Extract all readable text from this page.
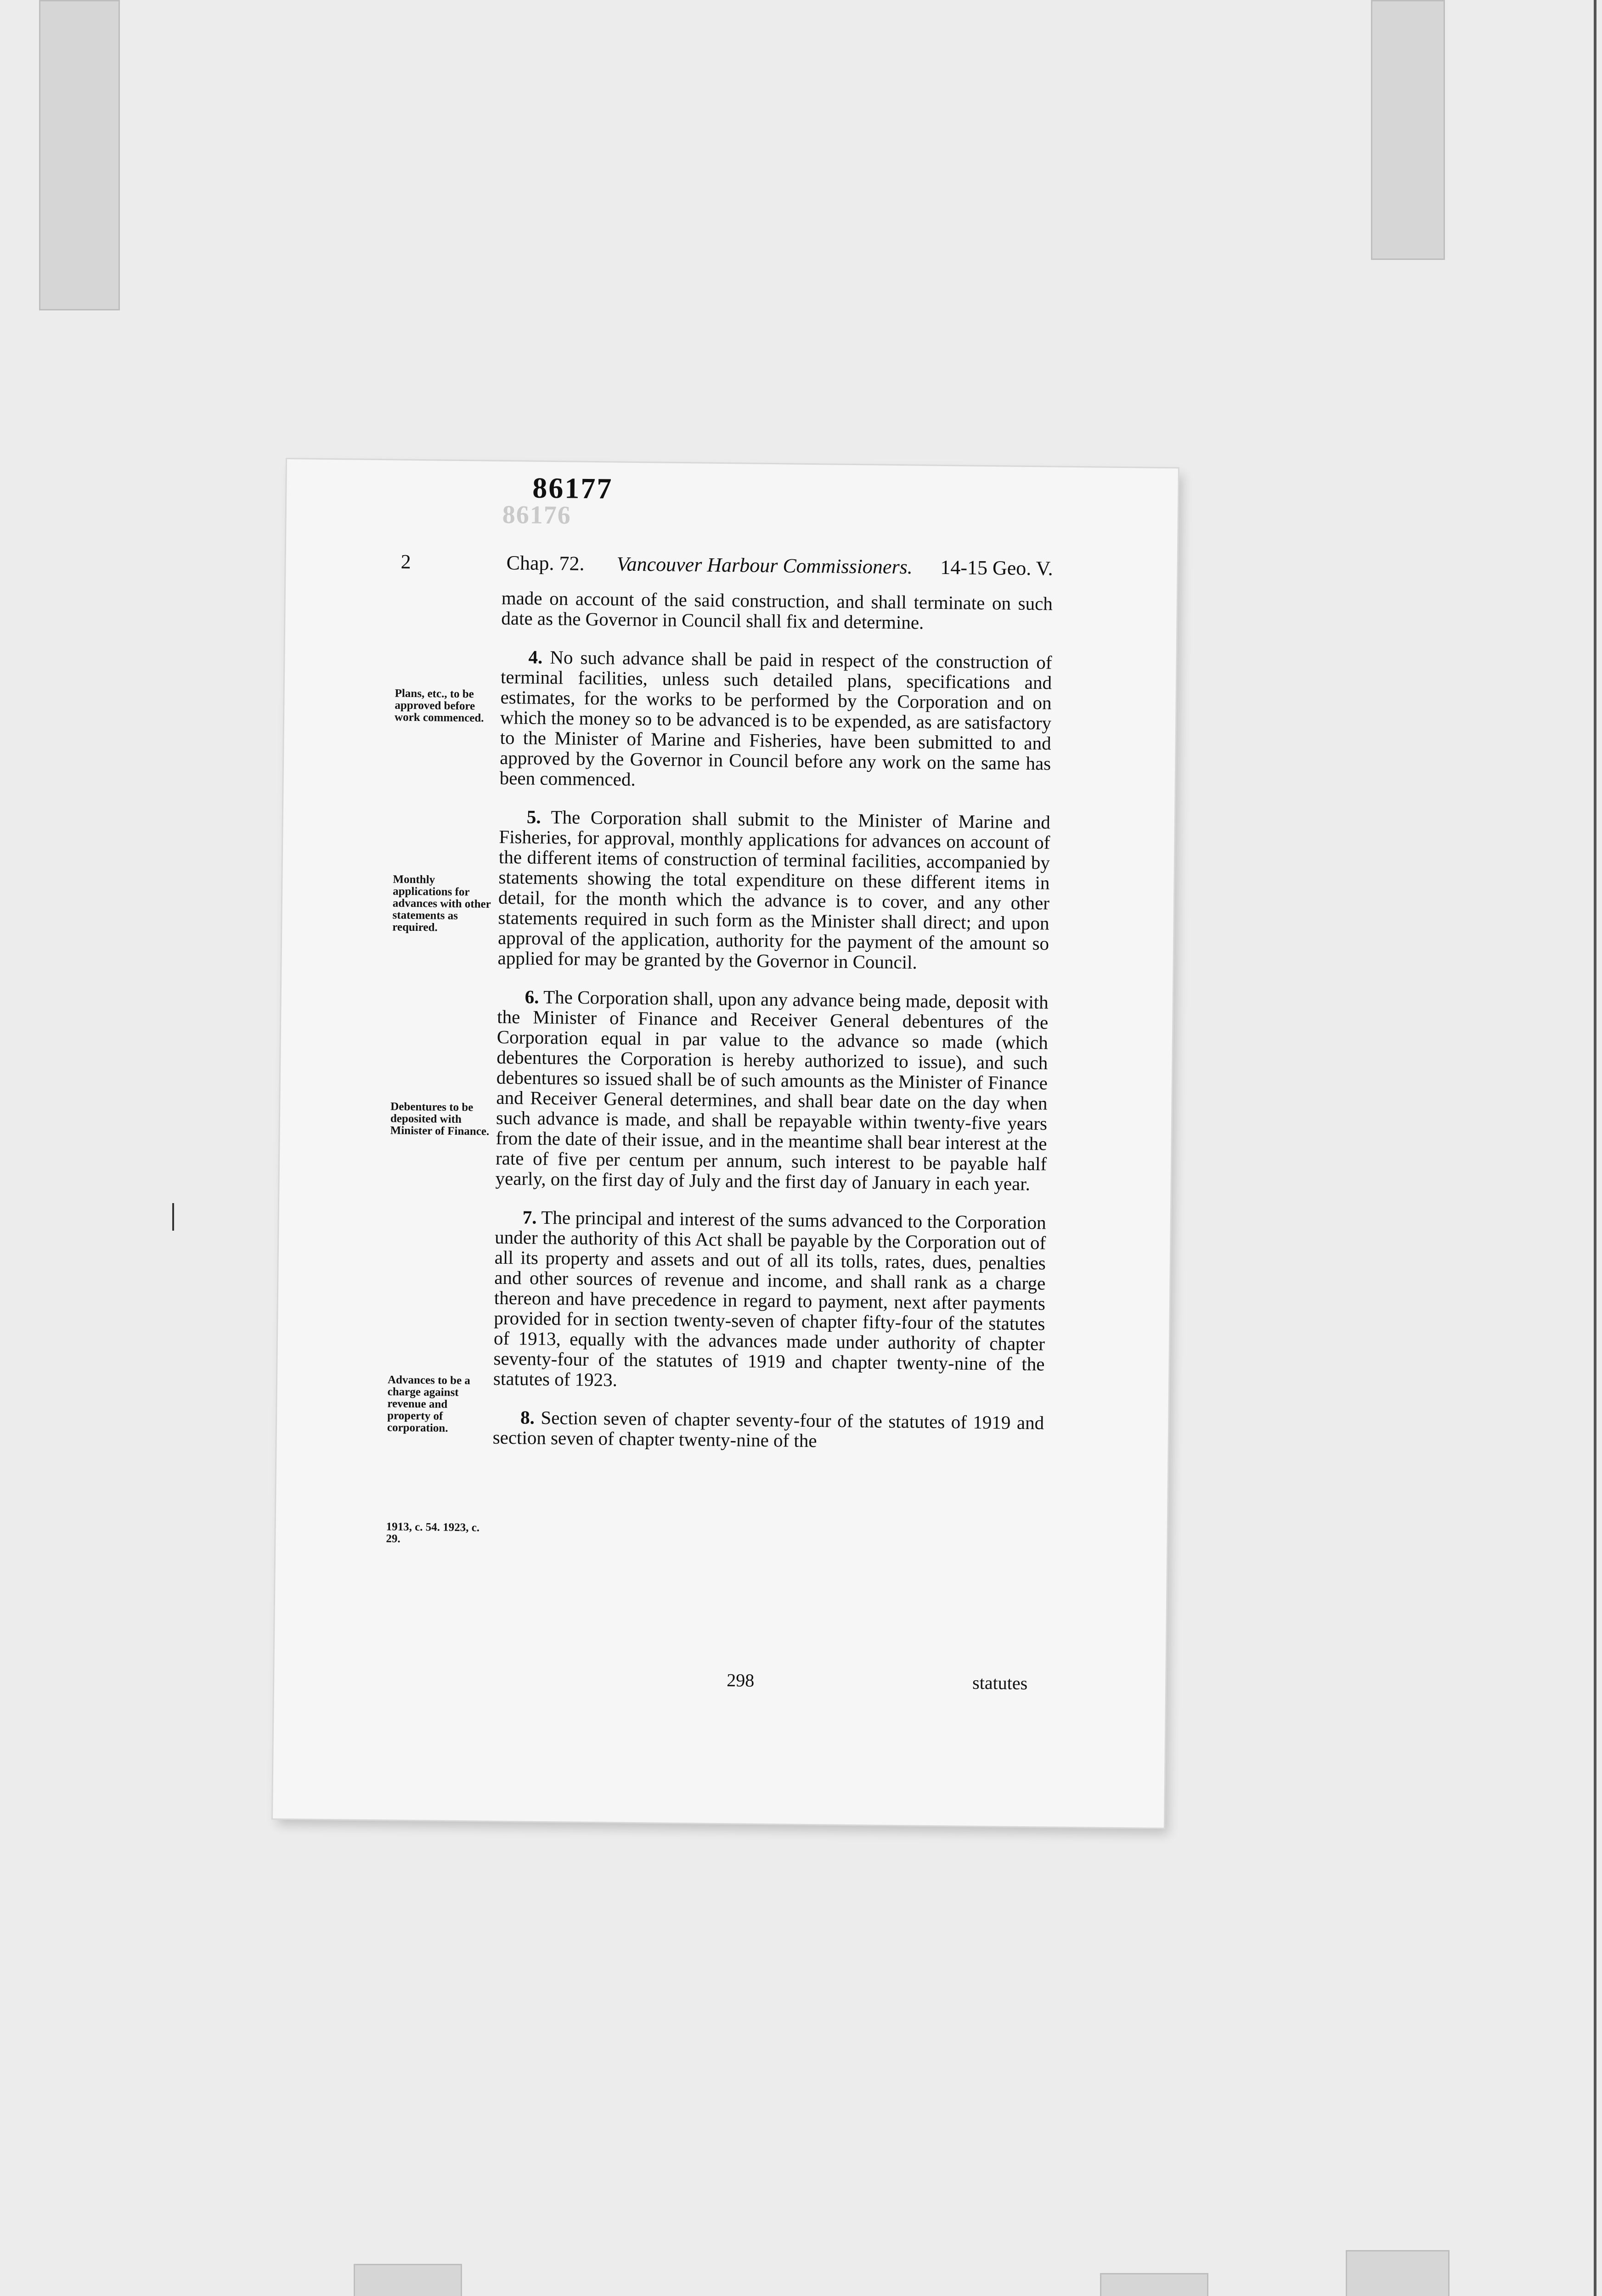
86177
86176
2	Chap. 72. Vancouver Harbour Commissioners. 14-15 Geo. V.
Plans, etc., to be approved before work commenced.
Monthly applications for advances with other statements as required.
Debentures to be deposited with Minister of Finance.
Advances to be a charge against revenue and property of corporation.
1913, c. 54. 1923, c. 29.

made on account of the said construction, and shall terminate on such date as the Governor in Council shall fix and determine.

4. No such advance shall be paid in respect of the construction of terminal facilities, unless such detailed plans, specifications and estimates, for the works to be performed by the Corporation and on which the money so to be advanced is to be expended, as are satisfactory to the Minister of Marine and Fisheries, have been submitted to and approved by the Governor in Council before any work on the same has been commenced.

5. The Corporation shall submit to the Minister of Marine and Fisheries, for approval, monthly applications for advances on account of the different items of construction of terminal facilities, accompanied by statements showing the total expenditure on these different items in detail, for the month which the advance is to cover, and any other statements required in such form as the Minister shall direct; and upon approval of the application, authority for the payment of the amount so applied for may be granted by the Governor in Council.

6. The Corporation shall, upon any advance being made, deposit with the Minister of Finance and Receiver General debentures of the Corporation equal in par value to the advance so made (which debentures the Corporation is hereby authorized to issue), and such debentures so issued shall be of such amounts as the Minister of Finance and Receiver General determines, and shall bear date on the day when such advance is made, and shall be repayable within twenty-five years from the date of their issue, and in the meantime shall bear interest at the rate of five per centum per annum, such interest to be payable half yearly, on the first day of July and the first day of January in each year.

7. The principal and interest of the sums advanced to the Corporation under the authority of this Act shall be payable by the Corporation out of all its property and assets and out of all its tolls, rates, dues, penalties and other sources of revenue and income, and shall rank as a charge thereon and have precedence in regard to payment, next after payments provided for in section twenty-seven of chapter fifty-four of the statutes of 1913, equally with the advances made under authority of chapter seventy-four of the statutes of 1919 and chapter twenty-nine of the statutes of 1923.

8. Section seven of chapter seventy-four of the statutes of 1919 and section seven of chapter twenty-nine of the

298	statutes
